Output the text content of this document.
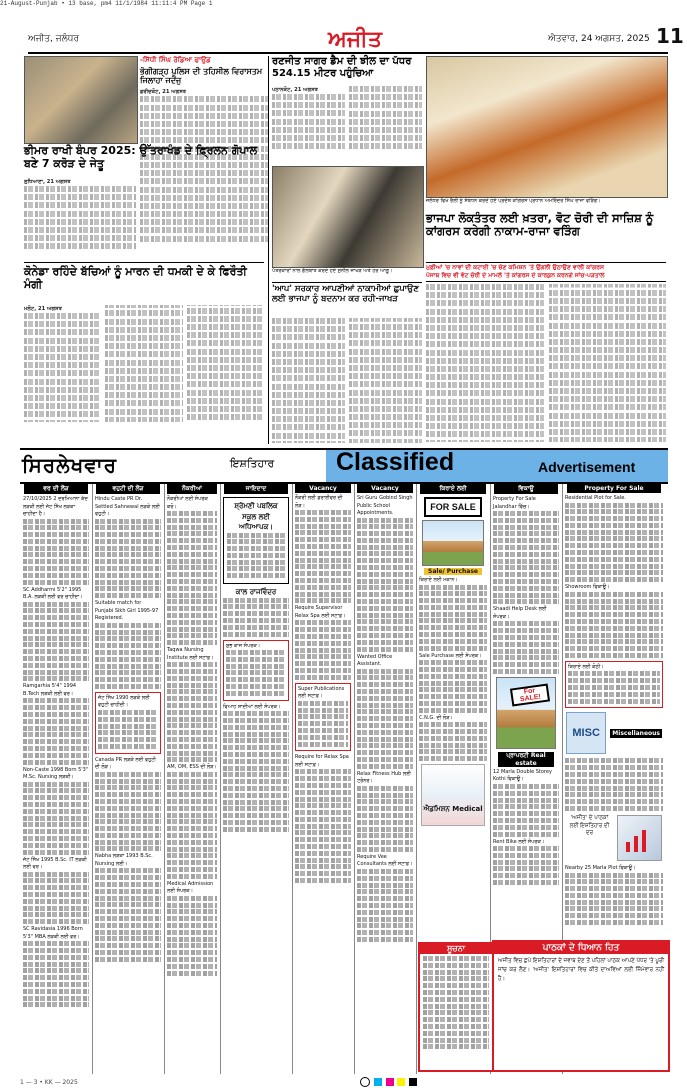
21-August-Punjab • 13 base, pm4 11/1/1984 11:11:4 PM Page 1
ਅਜੀਤ, ਜਲੰਧਰ	ਅਜੀਤ	ਐਤਵਾਰ, 24 ਅਗਸਤ, 2025 11
-ਸਿੱਧੀ ਸਿੰਘ ਰੋਡਿਆ ਫਾਉਂਡ
ਭੋਗੀਗੜ੍ਹ ਪੁਲਿਸ ਦੀ ਤਹਿਸੀਲ ਵਿਰਾਸਤਮ ਜਿਲਾਹਾ ਜਦੋਂਜੁ
ਫ਼ਰੀਦਕੋਟ, 21 ਅਗਸਤ
ਭੀਮਰ ਰਾਖੀ ਬੰਪਰ 2025: ਉੱਤਰਾਖੰਡ ਦੇ ਫ਼੍ਰਿਲਨ ਗੋਪਾਲ ਬਣੇ 7 ਕਰੋੜ ਦੇ ਜੇਤੂ
ਲੁਧਿਆਣਾ, 21 ਅਗਸਤ
ਕੋਨੇਡਾ ਰਹਿੰਦੇ ਬੱਚਿਆਂ ਨੂੰ ਮਾਰਨ ਦੀ ਧਮਕੀ ਦੇ ਕੇ ਫਿਰੌਤੀ ਮੰਗੀ
ਮਲੋਟ, 21 ਅਗਸਤ
ਰਣਜੀਤ ਸਾਗਰ ਡੈਮ ਦੀ ਝੀਲ ਦਾ ਪੱਧਰ 524.15 ਮੀਟਰ ਪਹੁੰਚਿਆ
ਪਠਾਨਕੋਟ, 21 ਅਗਸਤ
ਜਲੰਧਰ ਵਿਖੇ ਰੈਲੀ ਨੂੰ ਸੰਬੋਧਨ ਕਰਦੇ ਹੋਏ ਪ੍ਰਦੇਸ਼ ਕਾਂਗਰਸ ਪ੍ਰਧਾਨ ਅਮਰਿੰਦਰ ਸਿੰਘ ਰਾਜਾ ਵੜਿੰਗ।
ਪੱਤਰਕਾਰਾਂ ਨਾਲ ਗੱਲਬਾਤ ਕਰਦੇ ਹੋਏ ਸੁਨੀਲ ਜਾਖੜ ਅਤੇ ਹੋਰ ਆਗੂ।
'ਆਪ' ਸਰਕਾਰ ਆਪਣੀਆਂ ਨਾਕਾਮੀਆਂ ਛੁਪਾਉਣ ਲਈ ਭਾਜਪਾ ਨੂੰ ਬਦਨਾਮ ਕਰ ਰਹੀ-ਜਾਖੜ
ਭਾਜਪਾ ਲੋਕਤੰਤਰ ਲਈ ਖ਼ਤਰਾ, ਵੋਟ ਚੋਰੀ ਦੀ ਸਾਜ਼ਿਸ਼ ਨੂੰ ਕਾਂਗਰਸ ਕਰੇਗੀ ਨਾਕਾਮ-ਰਾਜਾ ਵੜਿੰਗ
ਮੁਫ਼ੀਆਂ 'ਚ ਨਾਵਾਂ ਦੀ ਕਟਾਈ 'ਚ ਚੋਣ ਕਮਿਸ਼ਨ 'ਤੇ ਉਂਗਲੀ ਉਠਾਉਣ ਵਾਲੀ ਕਾਂਗਰਸ
ਪੰਜਾਬ ਵਿਚ ਵੀ ਵੋਟ ਚੋਰੀ ਦੇ ਮਾਮਲੇ 'ਤੇ ਕਾਂਗਰਸ ਦੇ ਕਾਰਕੁਨ ਕਰਨਗੇ ਜਾਂਚ-ਪੜਤਾਲ
ਸਿਰਲੇਖਵਾਰ	ਇਸ਼ਤਿਹਾਰ Classified	Advertisement
ਵਰ ਦੀ ਲੋੜ
27/10/2025 2 ਦਰਮਿਆਨਾ ਕੱਦ ਲੜਕੀ ਲਈ ਜੱਟ ਸਿੱਖ ਲੜਕਾ ਚਾਹੀਦਾ ਹੈ।
SC Addharmi 5'2" 1995 B.A. ਲੜਕੀ ਲਈ ਵਰ ਚਾਹੀਦਾ।
Ramgarhia 5'4" 1994 B.Tech ਲੜਕੀ ਲਈ ਵਰ।
Non-Caste 1998 Born 5'3" M.Sc. Nursing ਲੜਕੀ।
ਜੱਟ ਸਿੱਖ 1995 B.Sc. IT ਲੜਕੀ ਲਈ ਵਰ।
SC Ravidasia 1996 Born 5'3" MBA ਲੜਕੀ ਲਈ ਵਰ।
ਵਹੁਟੀ ਦੀ ਲੋੜ
Hindu Caste PR Dr. Settled Sahnewal ਲੜਕੇ ਲਈ ਵਹੁਟੀ।
Suitable match for Punjabi Sikh Girl 1995-97 Registered.
ਜੱਟ ਸਿੱਖ 1990 ਲੜਕੇ ਲਈ ਵਹੁਟੀ ਚਾਹੀਦੀ।
Canada PR ਲੜਕੇ ਲਈ ਵਹੁਟੀ ਦੀ ਲੋੜ।
Nabha ਲੜਕਾ 1993 B.Sc. Nursing ਲਈ।
ਨੌਕਰੀਆਂ
ਨੌਕਰੀਆਂ ਲਈ ਸੰਪਰਕ ਕਰੋ।
Taqwa Nursing Institute ਲਈ ਸਟਾਫ਼।
AM, OM, ESS ਦੀ ਲੋੜ।
Medical Admission ਲਈ ਸੰਪਰਕ।
ਜਾਇਦਾਦ
ਸ਼੍ਰੋਮਣੀ ਪਬਲਿਕ ਸਕੂਲ ਲਈ ਅਧਿਆਪਕ।
ਕਾਲ ਰਾਜਵਿੰਦਰ
ਸ਼ੁਭ ਕਾਜ ਸੰਪਰਕ।
ਵਿਆਹ ਸ਼ਾਦੀਆਂ ਲਈ ਸੰਪਰਕ।
Vacancy
ਨੌਕਰੀ ਲਈ ਡਰਾਈਵਰ ਦੀ ਲੋੜ।
Require Supervisor Relax Spa ਲਈ ਸਟਾਫ਼।
Super Publications ਲਈ ਸਟਾਫ਼।
Require for Relax Spa ਲਈ ਸਟਾਫ਼।
Vacancy
Sri Guru Gobind Singh Public School Appointments.
Wanted Office Assistant.
Relax Fitness Hub ਲਈ ਟ੍ਰੇਨਰ।
Require Vee Consultants ਲਈ ਸਟਾਫ਼।
ਕਿਰਾਏ ਲਈ
FOR SALE
Sale/ Purchase
ਕਿਰਾਏ ਲਈ ਮਕਾਨ।
Sale Purchase ਲਈ ਸੰਪਰਕ।
C.N.G. ਦੀ ਲੋੜ।
ਐਡਮਿਸ਼ਨ Medical
ਵਿਕਾਊ
Property For Sale Jalandhar ਵਿੱਚ।
Shaadi Help Desk ਲਈ ਸੰਪਰਕ।
For SALE!
ਪ੍ਰਾਪਰਟੀ Real estate
12 Marla Double Storey Kothi ਵਿਕਾਊ।
Rent Bike ਲਈ ਸੰਪਰਕ।
Property For Sale
Residential Plot for Sale.
Showroom ਵਿਕਾਊ।
ਕਿਰਾਏ ਲਈ ਕੋਠੀ।
MISC	Miscellaneous
'ਅਜੀਤ' ਦੇ ਪਾਠਕਾਂ ਲਈ ਇਸ਼ਤਿਹਾਰ ਦੀ ਦਰ
Nearby 25 Marla Plot ਵਿਕਾਊ।
ਸੂਚਨਾ	ਪਾਠਕਾਂ ਦੇ ਧਿਆਨ ਹਿਤ
ਅਜੀਤ ਵਿਚ ਛਪੇ ਇਸ਼ਤਿਹਾਰਾਂ ਦੇ ਜਵਾਬ ਦੇਣ ਤੋਂ ਪਹਿਲਾਂ ਪਾਠਕ ਆਪਣੇ ਪੱਧਰ 'ਤੇ ਪੂਰੀ ਜਾਂਚ ਕਰ ਲੈਣ। 'ਅਜੀਤ' ਇਸ਼ਤਿਹਾਰਾਂ ਵਿਚ ਕੀਤੇ ਦਾਅਵਿਆਂ ਲਈ ਜ਼ਿੰਮੇਵਾਰ ਨਹੀਂ ਹੈ।
1 — 3 • KK — 2025
